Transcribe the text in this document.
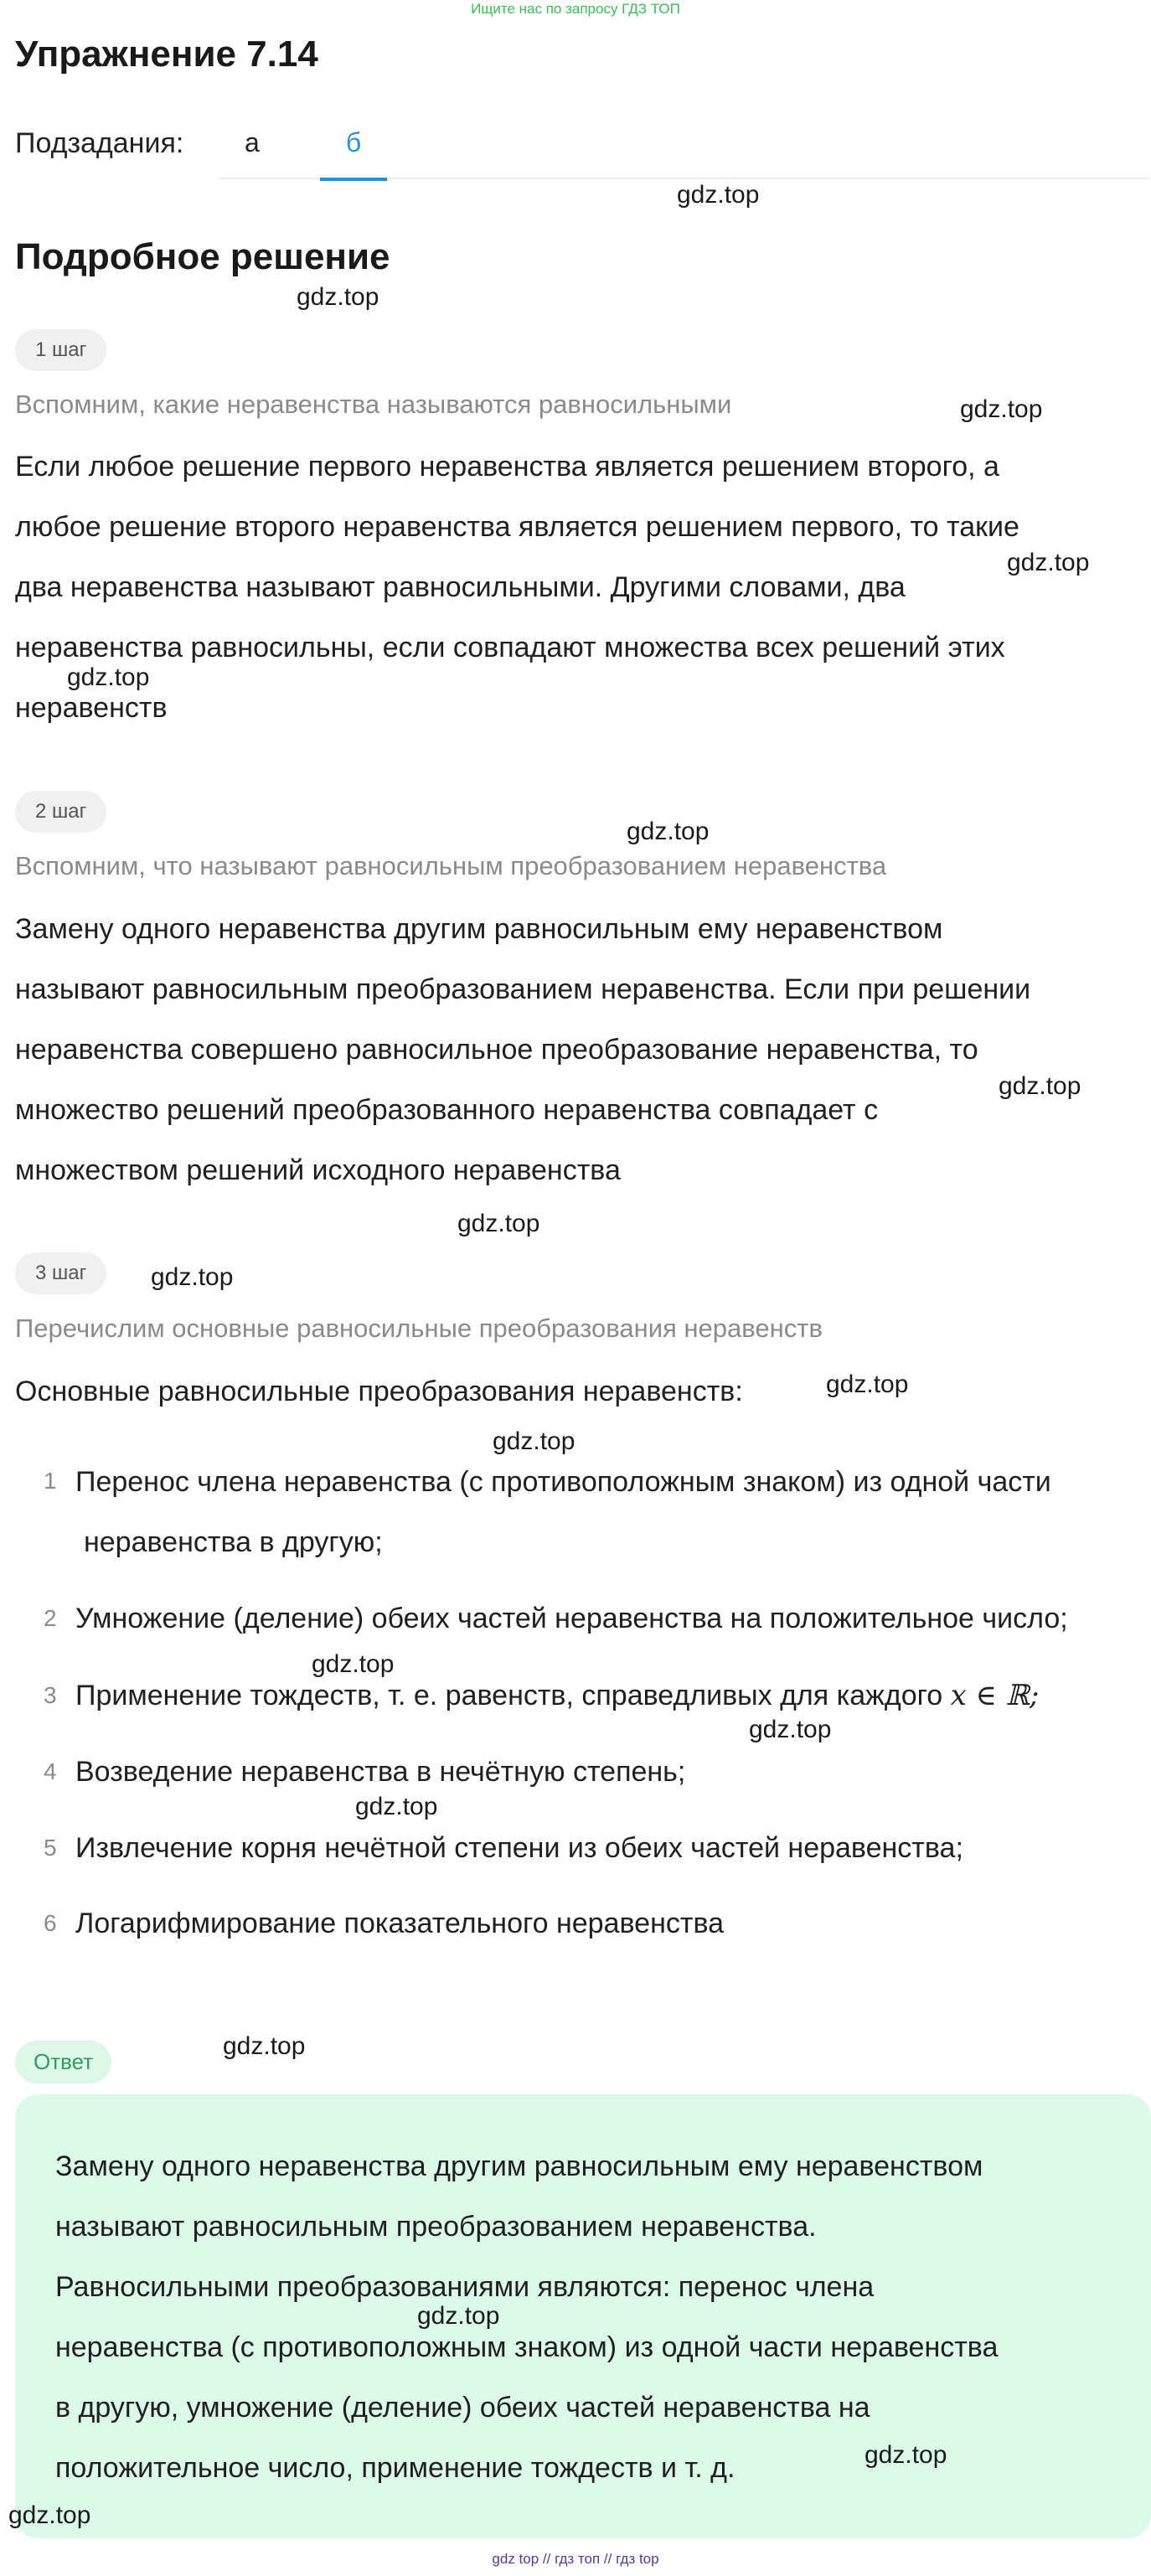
Ищите нас по запросу ГДЗ ТОП
Упражнение 7.14
Подзадания: а	б
gdz.top
Подробное решение
gdz.top
1 шаг
Вспомним, какие неравенства называются равносильными	gdz.top
Если любое решение первого неравенства является решением второго, а
любое решение второго неравенства является решением первого, то такие
два неравенства называют равносильными. Другими словами, два
неравенства равносильны, если совпадают множества всех решений этих
неравенств
gdz.top
gdz.top
2 шаг
gdz.top
Вспомним, что называют равносильным преобразованием неравенства
Замену одного неравенства другим равносильным ему неравенством
называют равносильным преобразованием неравенства. Если при решении
неравенства совершено равносильное преобразование неравенства, то
множество решений преобразованного неравенства совпадает с
множеством решений исходного неравенства
gdz.top
gdz.top
3 шаг	gdz.top
Перечислим основные равносильные преобразования неравенств
Основные равносильные преобразования неравенств:	gdz.top
gdz.top
1 Перенос члена неравенства (с противоположным знаком) из одной части
неравенства в другую;
2 Умножение (деление) обеих частей неравенства на положительное число;
gdz.top
3 Применение тождеств, т. е. равенств, справедливых для каждого x ∈ ℝ;
gdz.top
4 Возведение неравенства в нечётную степень;
gdz.top
5 Извлечение корня нечётной степени из обеих частей неравенства;
6 Логарифмирование показательного неравенства
Ответ
gdz.top
Замену одного неравенства другим равносильным ему неравенством
называют равносильным преобразованием неравенства.
Равносильными преобразованиями являются: перенос члена
неравенства (с противоположным знаком) из одной части неравенства
в другую, умножение (деление) обеих частей неравенства на
положительное число, применение тождеств и т. д.
gdz.top
gdz.top
gdz.top
gdz top // гдз топ // гдз top
